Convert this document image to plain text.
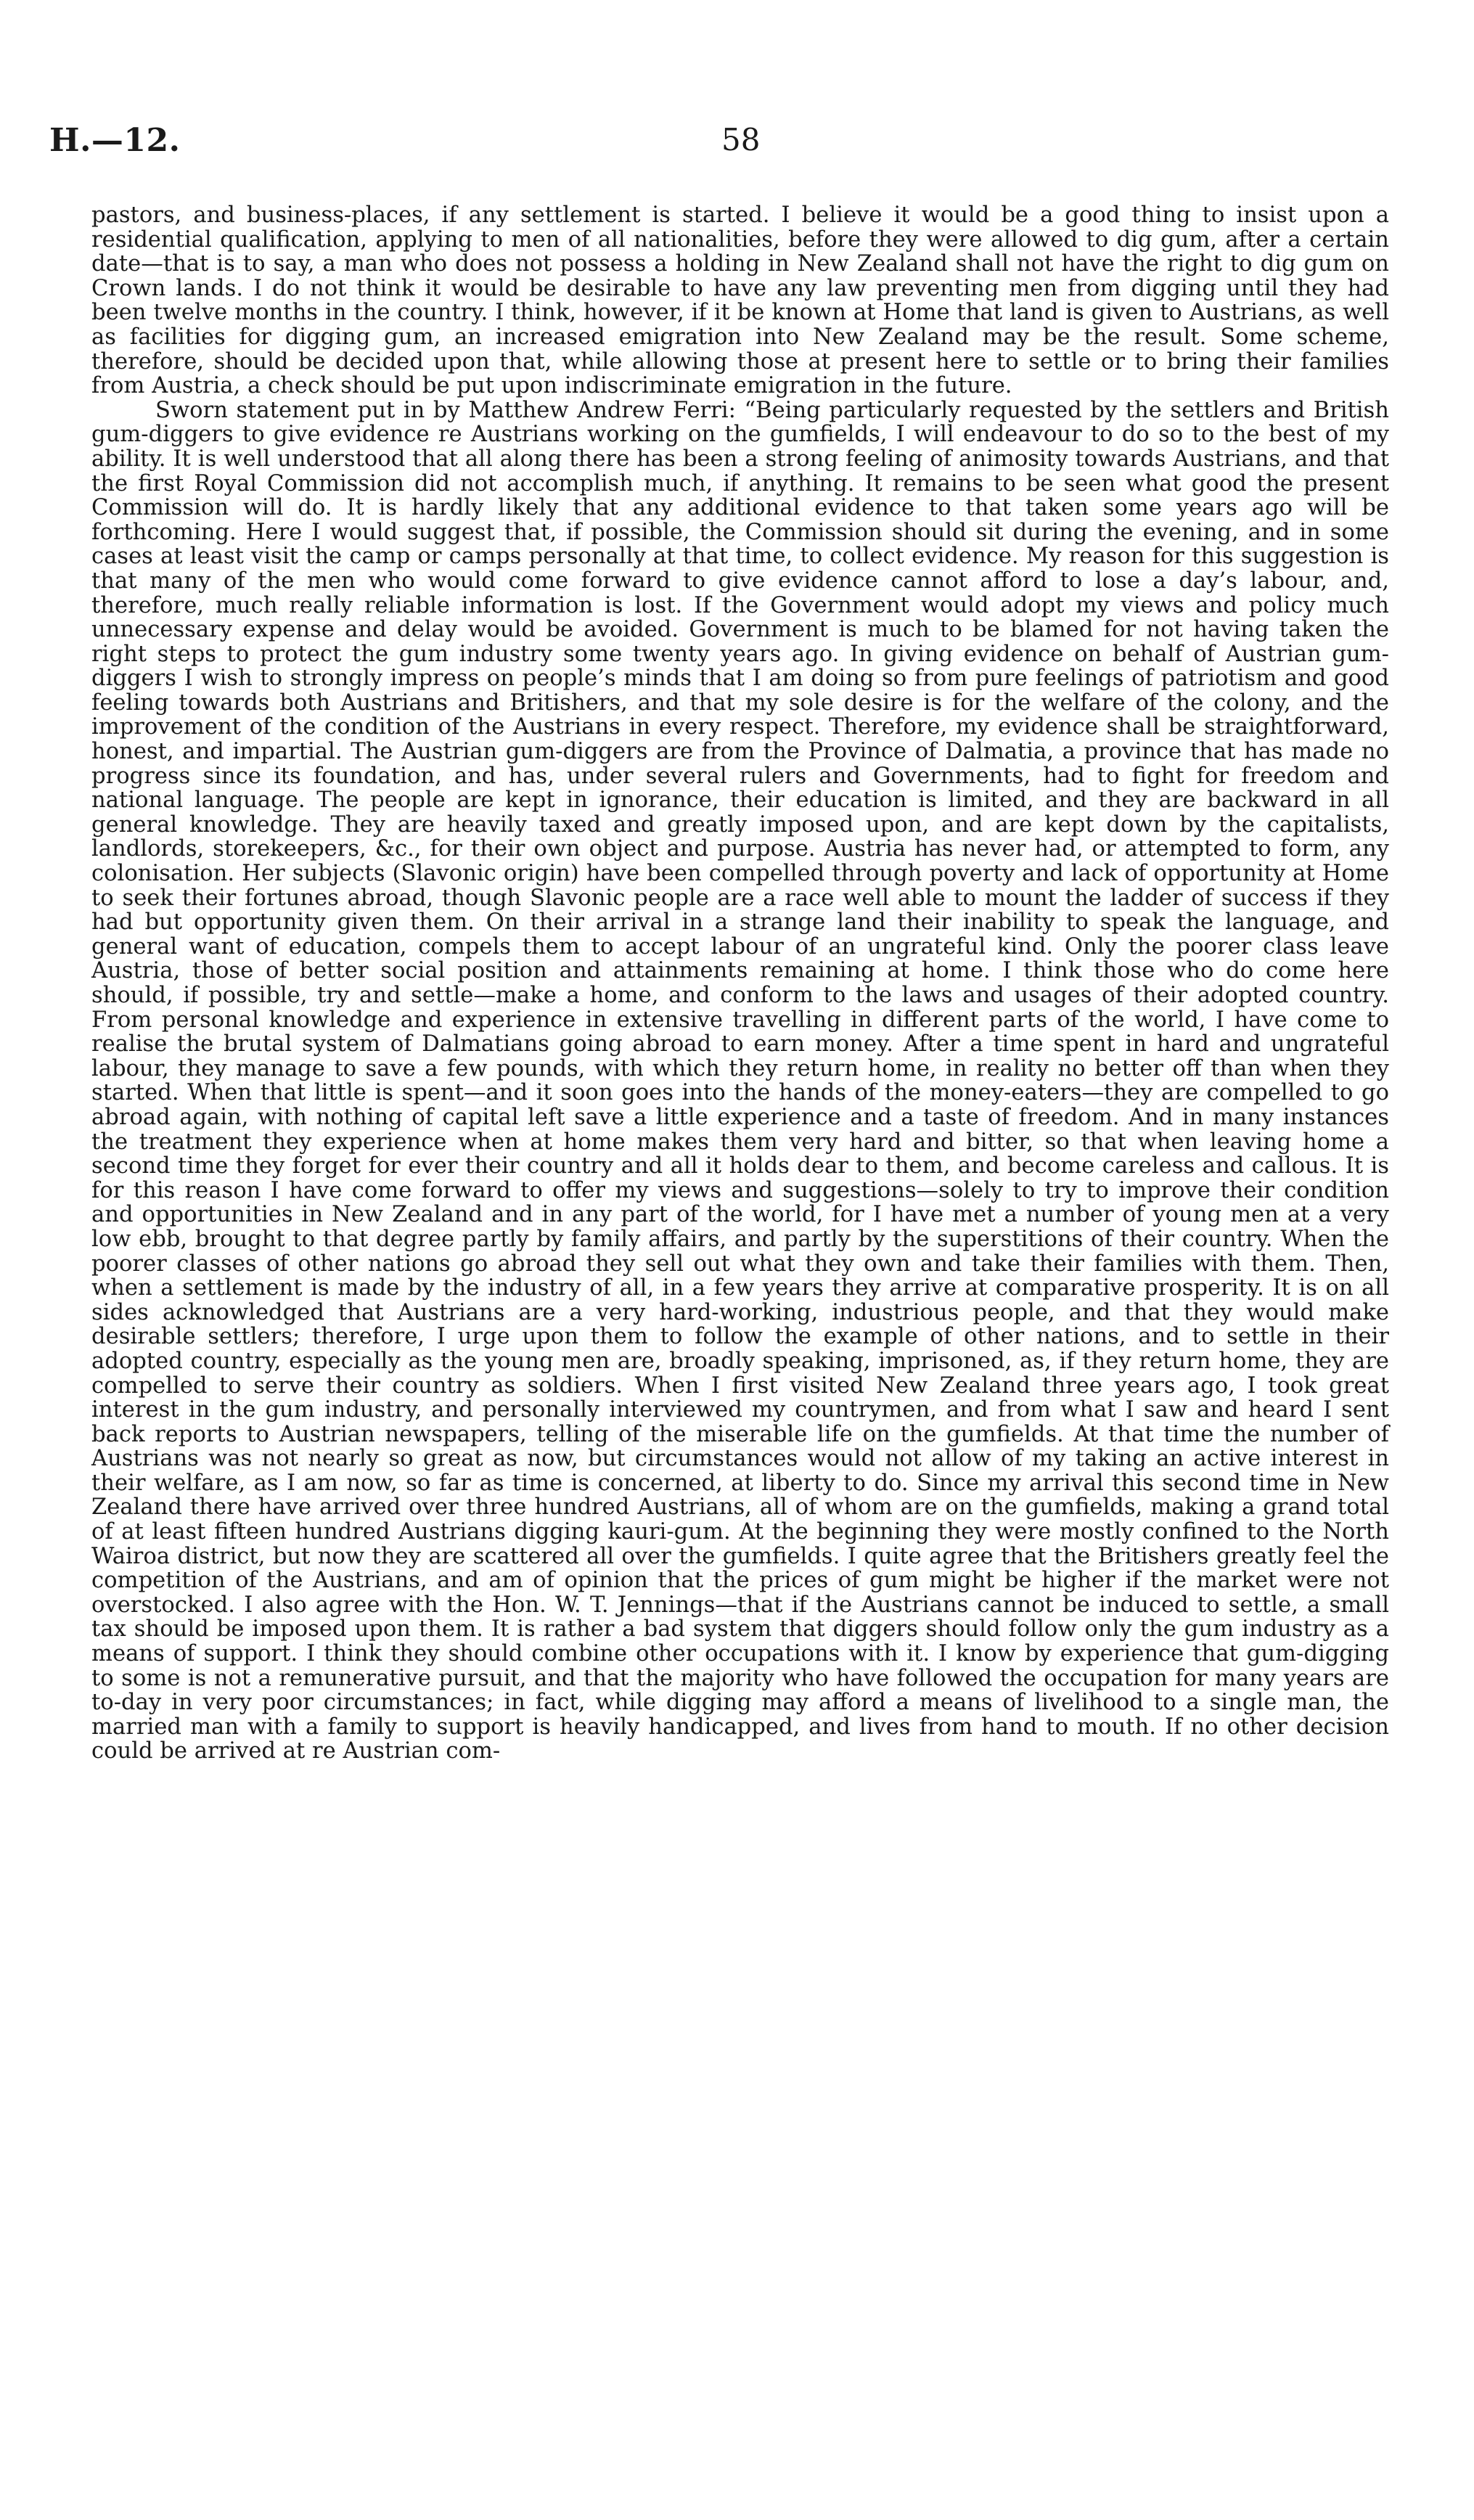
H.—12.	58

pastors, and business-places, if any settlement is started. I believe it would be a good thing to insist upon a residential qualification, applying to men of all nationalities, before they were allowed to dig gum, after a certain date—that is to say, a man who does not possess a holding in New Zealand shall not have the right to dig gum on Crown lands. I do not think it would be desirable to have any law preventing men from digging until they had been twelve months in the country. I think, however, if it be known at Home that land is given to Austrians, as well as facilities for digging gum, an increased emigration into New Zealand may be the result. Some scheme, therefore, should be decided upon that, while allowing those at present here to settle or to bring their families from Austria, a check should be put upon indiscriminate emigration in the future.

Sworn statement put in by Matthew Andrew Ferri: “Being particularly requested by the settlers and British gum-diggers to give evidence re Austrians working on the gumfields, I will endeavour to do so to the best of my ability. It is well understood that all along there has been a strong feeling of animosity towards Austrians, and that the first Royal Commission did not accomplish much, if anything. It remains to be seen what good the present Commission will do. It is hardly likely that any additional evidence to that taken some years ago will be forthcoming. Here I would suggest that, if possible, the Commission should sit during the evening, and in some cases at least visit the camp or camps personally at that time, to collect evidence. My reason for this suggestion is that many of the men who would come forward to give evidence cannot afford to lose a day’s labour, and, therefore, much really reliable information is lost. If the Government would adopt my views and policy much unnecessary expense and delay would be avoided. Government is much to be blamed for not having taken the right steps to protect the gum industry some twenty years ago. In giving evidence on behalf of Austrian gum-diggers I wish to strongly impress on people’s minds that I am doing so from pure feelings of patriotism and good feeling towards both Austrians and Britishers, and that my sole desire is for the welfare of the colony, and the improvement of the condition of the Austrians in every respect. Therefore, my evidence shall be straightforward, honest, and impartial. The Austrian gum-diggers are from the Province of Dalmatia, a province that has made no progress since its foundation, and has, under several rulers and Governments, had to fight for freedom and national language. The people are kept in ignorance, their education is limited, and they are backward in all general knowledge. They are heavily taxed and greatly imposed upon, and are kept down by the capitalists, landlords, storekeepers, &c., for their own object and purpose. Austria has never had, or attempted to form, any colonisation. Her subjects (Slavonic origin) have been compelled through poverty and lack of opportunity at Home to seek their fortunes abroad, though Slavonic people are a race well able to mount the ladder of success if they had but opportunity given them. On their arrival in a strange land their inability to speak the language, and general want of education, compels them to accept labour of an ungrateful kind. Only the poorer class leave Austria, those of better social position and attainments remaining at home. I think those who do come here should, if possible, try and settle—make a home, and conform to the laws and usages of their adopted country. From personal knowledge and experience in extensive travelling in different parts of the world, I have come to realise the brutal system of Dalmatians going abroad to earn money. After a time spent in hard and ungrateful labour, they manage to save a few pounds, with which they return home, in reality no better off than when they started. When that little is spent—and it soon goes into the hands of the money-eaters—they are compelled to go abroad again, with nothing of capital left save a little experience and a taste of freedom. And in many instances the treatment they experience when at home makes them very hard and bitter, so that when leaving home a second time they forget for ever their country and all it holds dear to them, and become careless and callous. It is for this reason I have come forward to offer my views and suggestions—solely to try to improve their condition and opportunities in New Zealand and in any part of the world, for I have met a number of young men at a very low ebb, brought to that degree partly by family affairs, and partly by the superstitions of their country. When the poorer classes of other nations go abroad they sell out what they own and take their families with them. Then, when a settlement is made by the industry of all, in a few years they arrive at comparative prosperity. It is on all sides acknowledged that Austrians are a very hard-working, industrious people, and that they would make desirable settlers; therefore, I urge upon them to follow the example of other nations, and to settle in their adopted country, especially as the young men are, broadly speaking, imprisoned, as, if they return home, they are compelled to serve their country as soldiers. When I first visited New Zealand three years ago, I took great interest in the gum industry, and personally interviewed my countrymen, and from what I saw and heard I sent back reports to Austrian newspapers, telling of the miserable life on the gumfields. At that time the number of Austrians was not nearly so great as now, but circumstances would not allow of my taking an active interest in their welfare, as I am now, so far as time is concerned, at liberty to do. Since my arrival this second time in New Zealand there have arrived over three hundred Austrians, all of whom are on the gumfields, making a grand total of at least fifteen hundred Austrians digging kauri-gum. At the beginning they were mostly confined to the North Wairoa district, but now they are scattered all over the gumfields. I quite agree that the Britishers greatly feel the competition of the Austrians, and am of opinion that the prices of gum might be higher if the market were not overstocked. I also agree with the Hon. W. T. Jennings—that if the Austrians cannot be induced to settle, a small tax should be imposed upon them. It is rather a bad system that diggers should follow only the gum industry as a means of support. I think they should combine other occupations with it. I know by experience that gum-digging to some is not a remunerative pursuit, and that the majority who have followed the occupation for many years are to-day in very poor circumstances; in fact, while digging may afford a means of livelihood to a single man, the married man with a family to support is heavily handicapped, and lives from hand to mouth. If no other decision could be arrived at re Austrian com-
